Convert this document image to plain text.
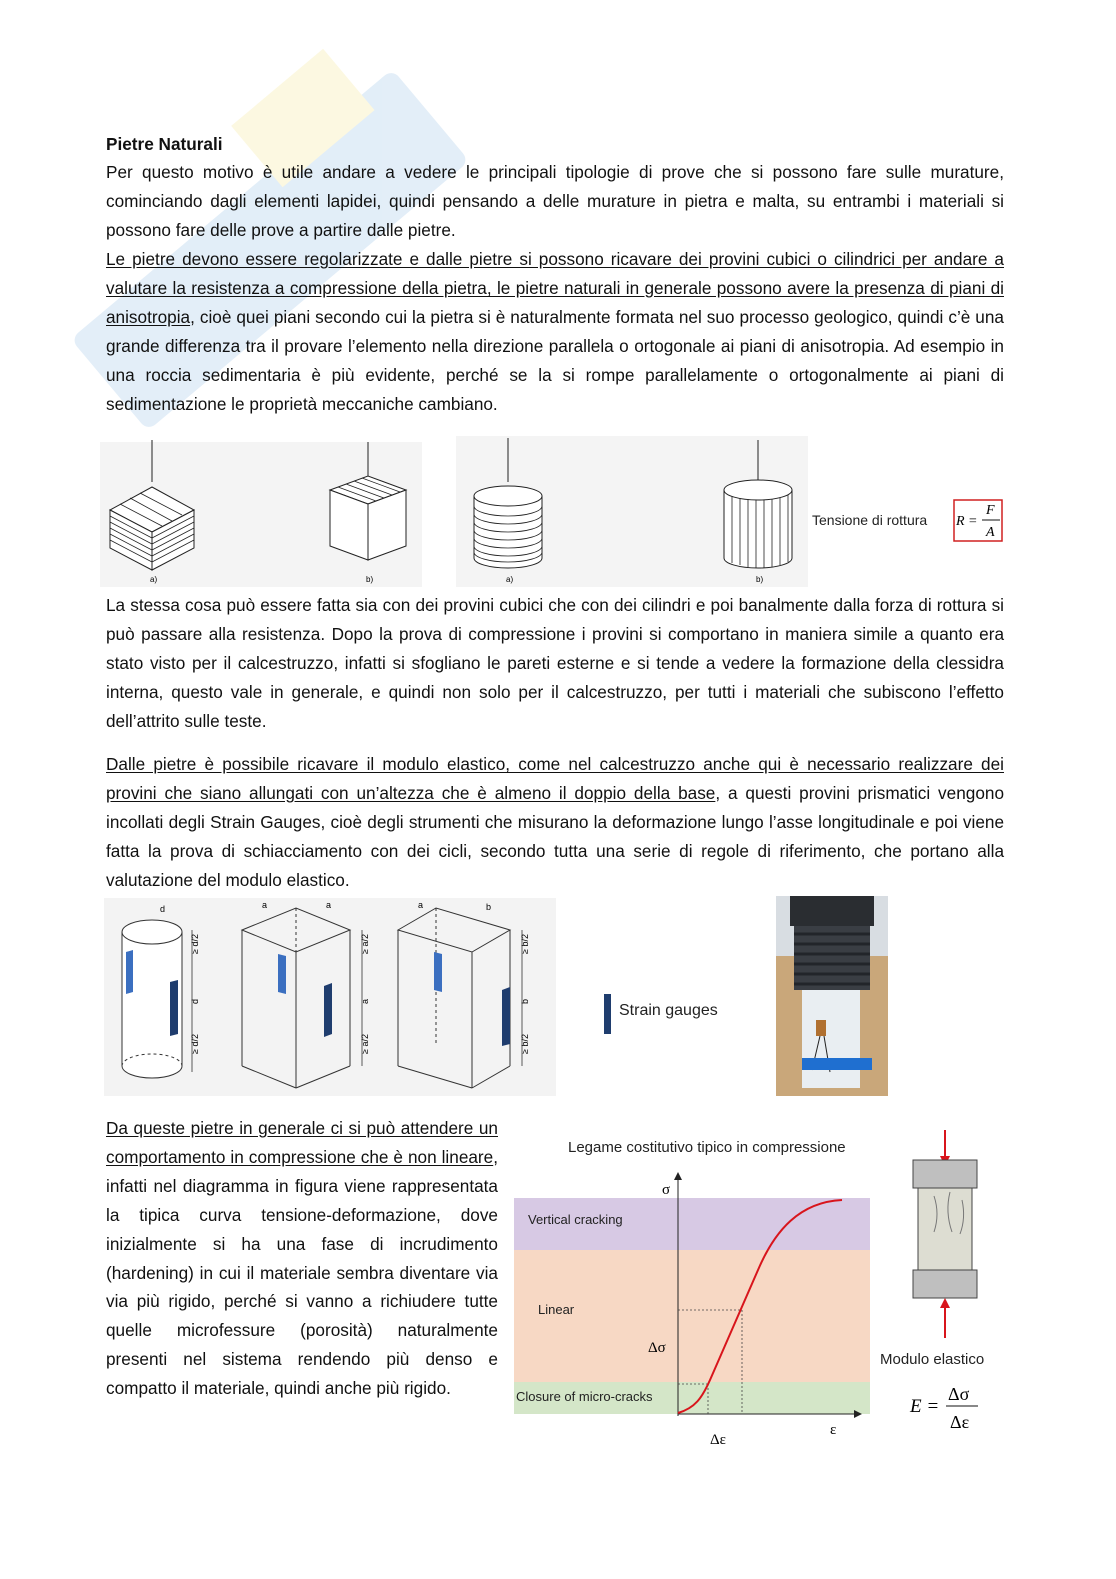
Pietre Naturali
Per questo motivo è utile andare a vedere le principali tipologie di prove che si possono fare sulle murature, cominciando dagli elementi lapidei, quindi pensando a delle murature in pietra e malta, su entrambi i materiali si possono fare delle prove a partire dalle pietre.
Le pietre devono essere regolarizzate e dalle pietre si possono ricavare dei provini cubici o cilindrici per andare a valutare la resistenza a compressione della pietra, le pietre naturali in generale possono avere la presenza di piani di anisotropia, cioè quei piani secondo cui la pietra si è naturalmente formata nel suo processo geologico, quindi c’è una grande differenza tra il provare l’elemento nella direzione parallela o ortogonale ai piani di anisotropia. Ad esempio in una roccia sedimentaria è più evidente, perché se la si rompe parallelamente o ortogonalmente ai piani di sedimentazione le proprietà meccaniche cambiano.
a)	b)	a)	b)
Tensione di rottura R =
F
A
La stessa cosa può essere fatta sia con dei provini cubici che con dei cilindri e poi banalmente dalla forza di rottura si può passare alla resistenza. Dopo la prova di compressione i provini si comportano in maniera simile a quanto era stato visto per il calcestruzzo, infatti si sfogliano le pareti esterne e si tende a vedere la formazione della clessidra interna, questo vale in generale, e quindi non solo per il calcestruzzo, per tutti i materiali che subiscono l’effetto dell’attrito sulle teste.
Dalle pietre è possibile ricavare il modulo elastico, come nel calcestruzzo anche qui è necessario realizzare dei provini che siano allungati con un’altezza che è almeno il doppio della base, a questi provini prismatici vengono incollati degli Strain Gauges, cioè degli strumenti che misurano la deformazione lungo l’asse longitudinale e poi viene fatta la prova di schiacciamento con dei cicli, secondo tutta una serie di regole di riferimento, che portano alla valutazione del modulo elastico.
≥ d/2
d
≥ d/2
d
≥ a/2
a
≥ a/2
a	a
≥ b/2
b
≥ b/2
a	b
Strain gauges
Da queste pietre in generale ci si può attendere un comportamento in compressione che è non lineare, infatti nel diagramma in figura viene rappresentata la tipica curva tensione-deformazione, dove inizialmente si ha una fase di incrudimento (hardening) in cui il materiale sembra diventare via via più rigido, perché si vanno a richiudere tutte quelle microfessure (porosità) naturalmente presenti nel sistema rendendo più denso e compatto il materiale, quindi anche più rigido.
Legame costitutivo tipico in compressione
Vertical cracking
Linear
Closure of micro-cracks
σ
ε
Δσ
Δε
Modulo elastico
E =
Δσ
Δε
